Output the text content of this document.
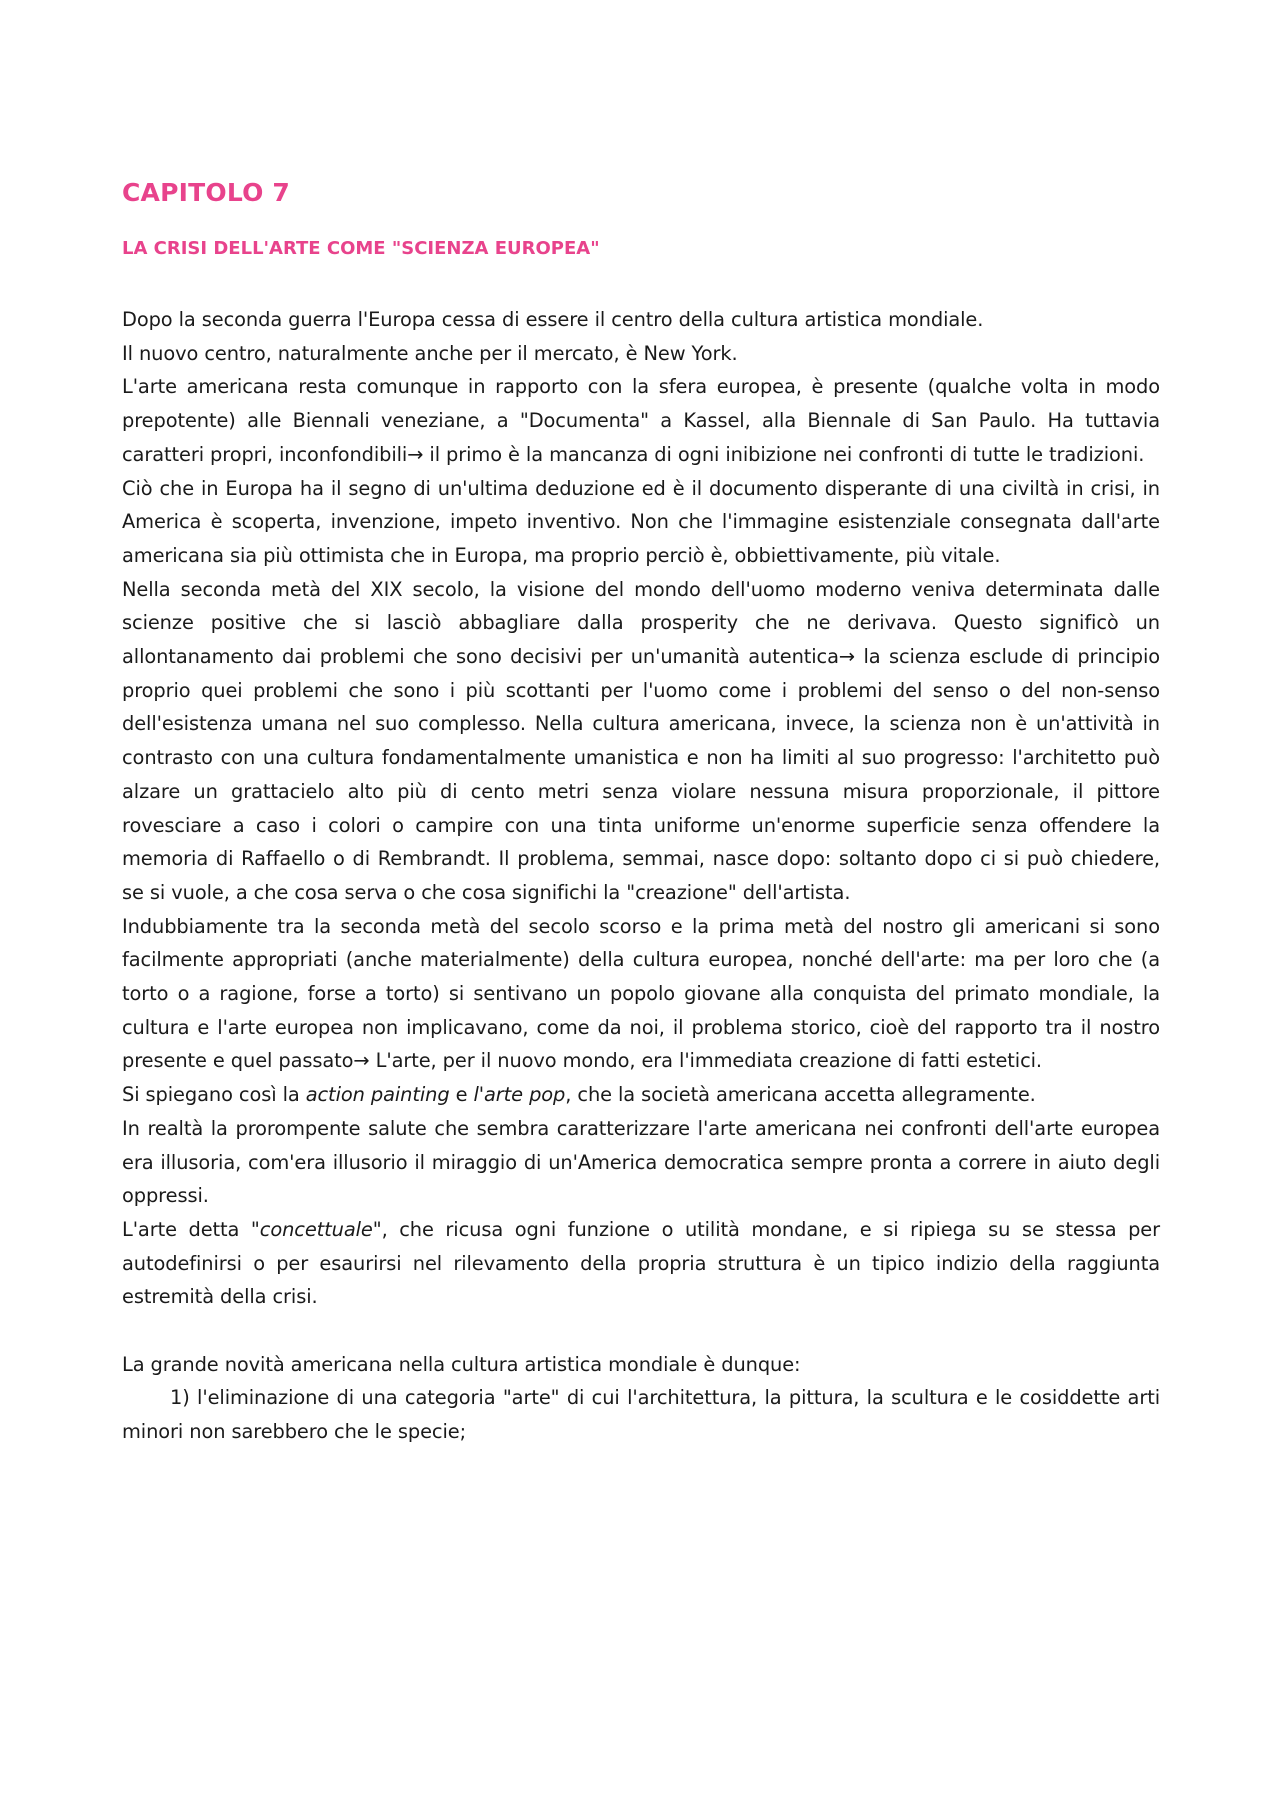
CAPITOLO 7
LA CRISI DELL'ARTE COME "SCIENZA EUROPEA"

Dopo la seconda guerra l'Europa cessa di essere il centro della cultura artistica mondiale.

Il nuovo centro, naturalmente anche per il mercato, è New York.

L'arte americana resta comunque in rapporto con la sfera europea, è presente (qualche volta in modo prepotente) alle Biennali veneziane, a "Documenta" a Kassel, alla Biennale di San Paulo. Ha tuttavia caratteri propri, inconfondibili→ il primo è la mancanza di ogni inibizione nei confronti di tutte le tradizioni.

Ciò che in Europa ha il segno di un'ultima deduzione ed è il documento disperante di una civiltà in crisi, in America è scoperta, invenzione, impeto inventivo. Non che l'immagine esistenziale consegnata dall'arte americana sia più ottimista che in Europa, ma proprio perciò è, obbiettivamente, più vitale.

Nella seconda metà del XIX secolo, la visione del mondo dell'uomo moderno veniva determinata dalle scienze positive che si lasciò abbagliare dalla prosperity che ne derivava. Questo significò un allontanamento dai problemi che sono decisivi per un'umanità autentica→ la scienza esclude di principio proprio quei problemi che sono i più scottanti per l'uomo come i problemi del senso o del non-senso dell'esistenza umana nel suo complesso. Nella cultura americana, invece, la scienza non è un'attività in contrasto con una cultura fondamentalmente umanistica e non ha limiti al suo progresso: l'architetto può alzare un grattacielo alto più di cento metri senza violare nessuna misura proporzionale, il pittore rovesciare a caso i colori o campire con una tinta uniforme un'enorme superficie senza offendere la memoria di Raffaello o di Rembrandt. Il problema, semmai, nasce dopo: soltanto dopo ci si può chiedere, se si vuole, a che cosa serva o che cosa significhi la "creazione" dell'artista.

Indubbiamente tra la seconda metà del secolo scorso e la prima metà del nostro gli americani si sono facilmente appropriati (anche materialmente) della cultura europea, nonché dell'arte: ma per loro che (a torto o a ragione, forse a torto) si sentivano un popolo giovane alla conquista del primato mondiale, la cultura e l'arte europea non implicavano, come da noi, il problema storico, cioè del rapporto tra il nostro presente e quel passato→ L'arte, per il nuovo mondo, era l'immediata creazione di fatti estetici.

Si spiegano così la action painting e l'arte pop, che la società americana accetta allegramente.

In realtà la prorompente salute che sembra caratterizzare l'arte americana nei confronti dell'arte europea era illusoria, com'era illusorio il miraggio di un'America democratica sempre pronta a correre in aiuto degli oppressi.

L'arte detta "concettuale", che ricusa ogni funzione o utilità mondane, e si ripiega su se stessa per autodefinirsi o per esaurirsi nel rilevamento della propria struttura è un tipico indizio della raggiunta estremità della crisi.

La grande novità americana nella cultura artistica mondiale è dunque:

1) l'eliminazione di una categoria "arte" di cui l'architettura, la pittura, la scultura e le cosiddette arti minori non sarebbero che le specie;
